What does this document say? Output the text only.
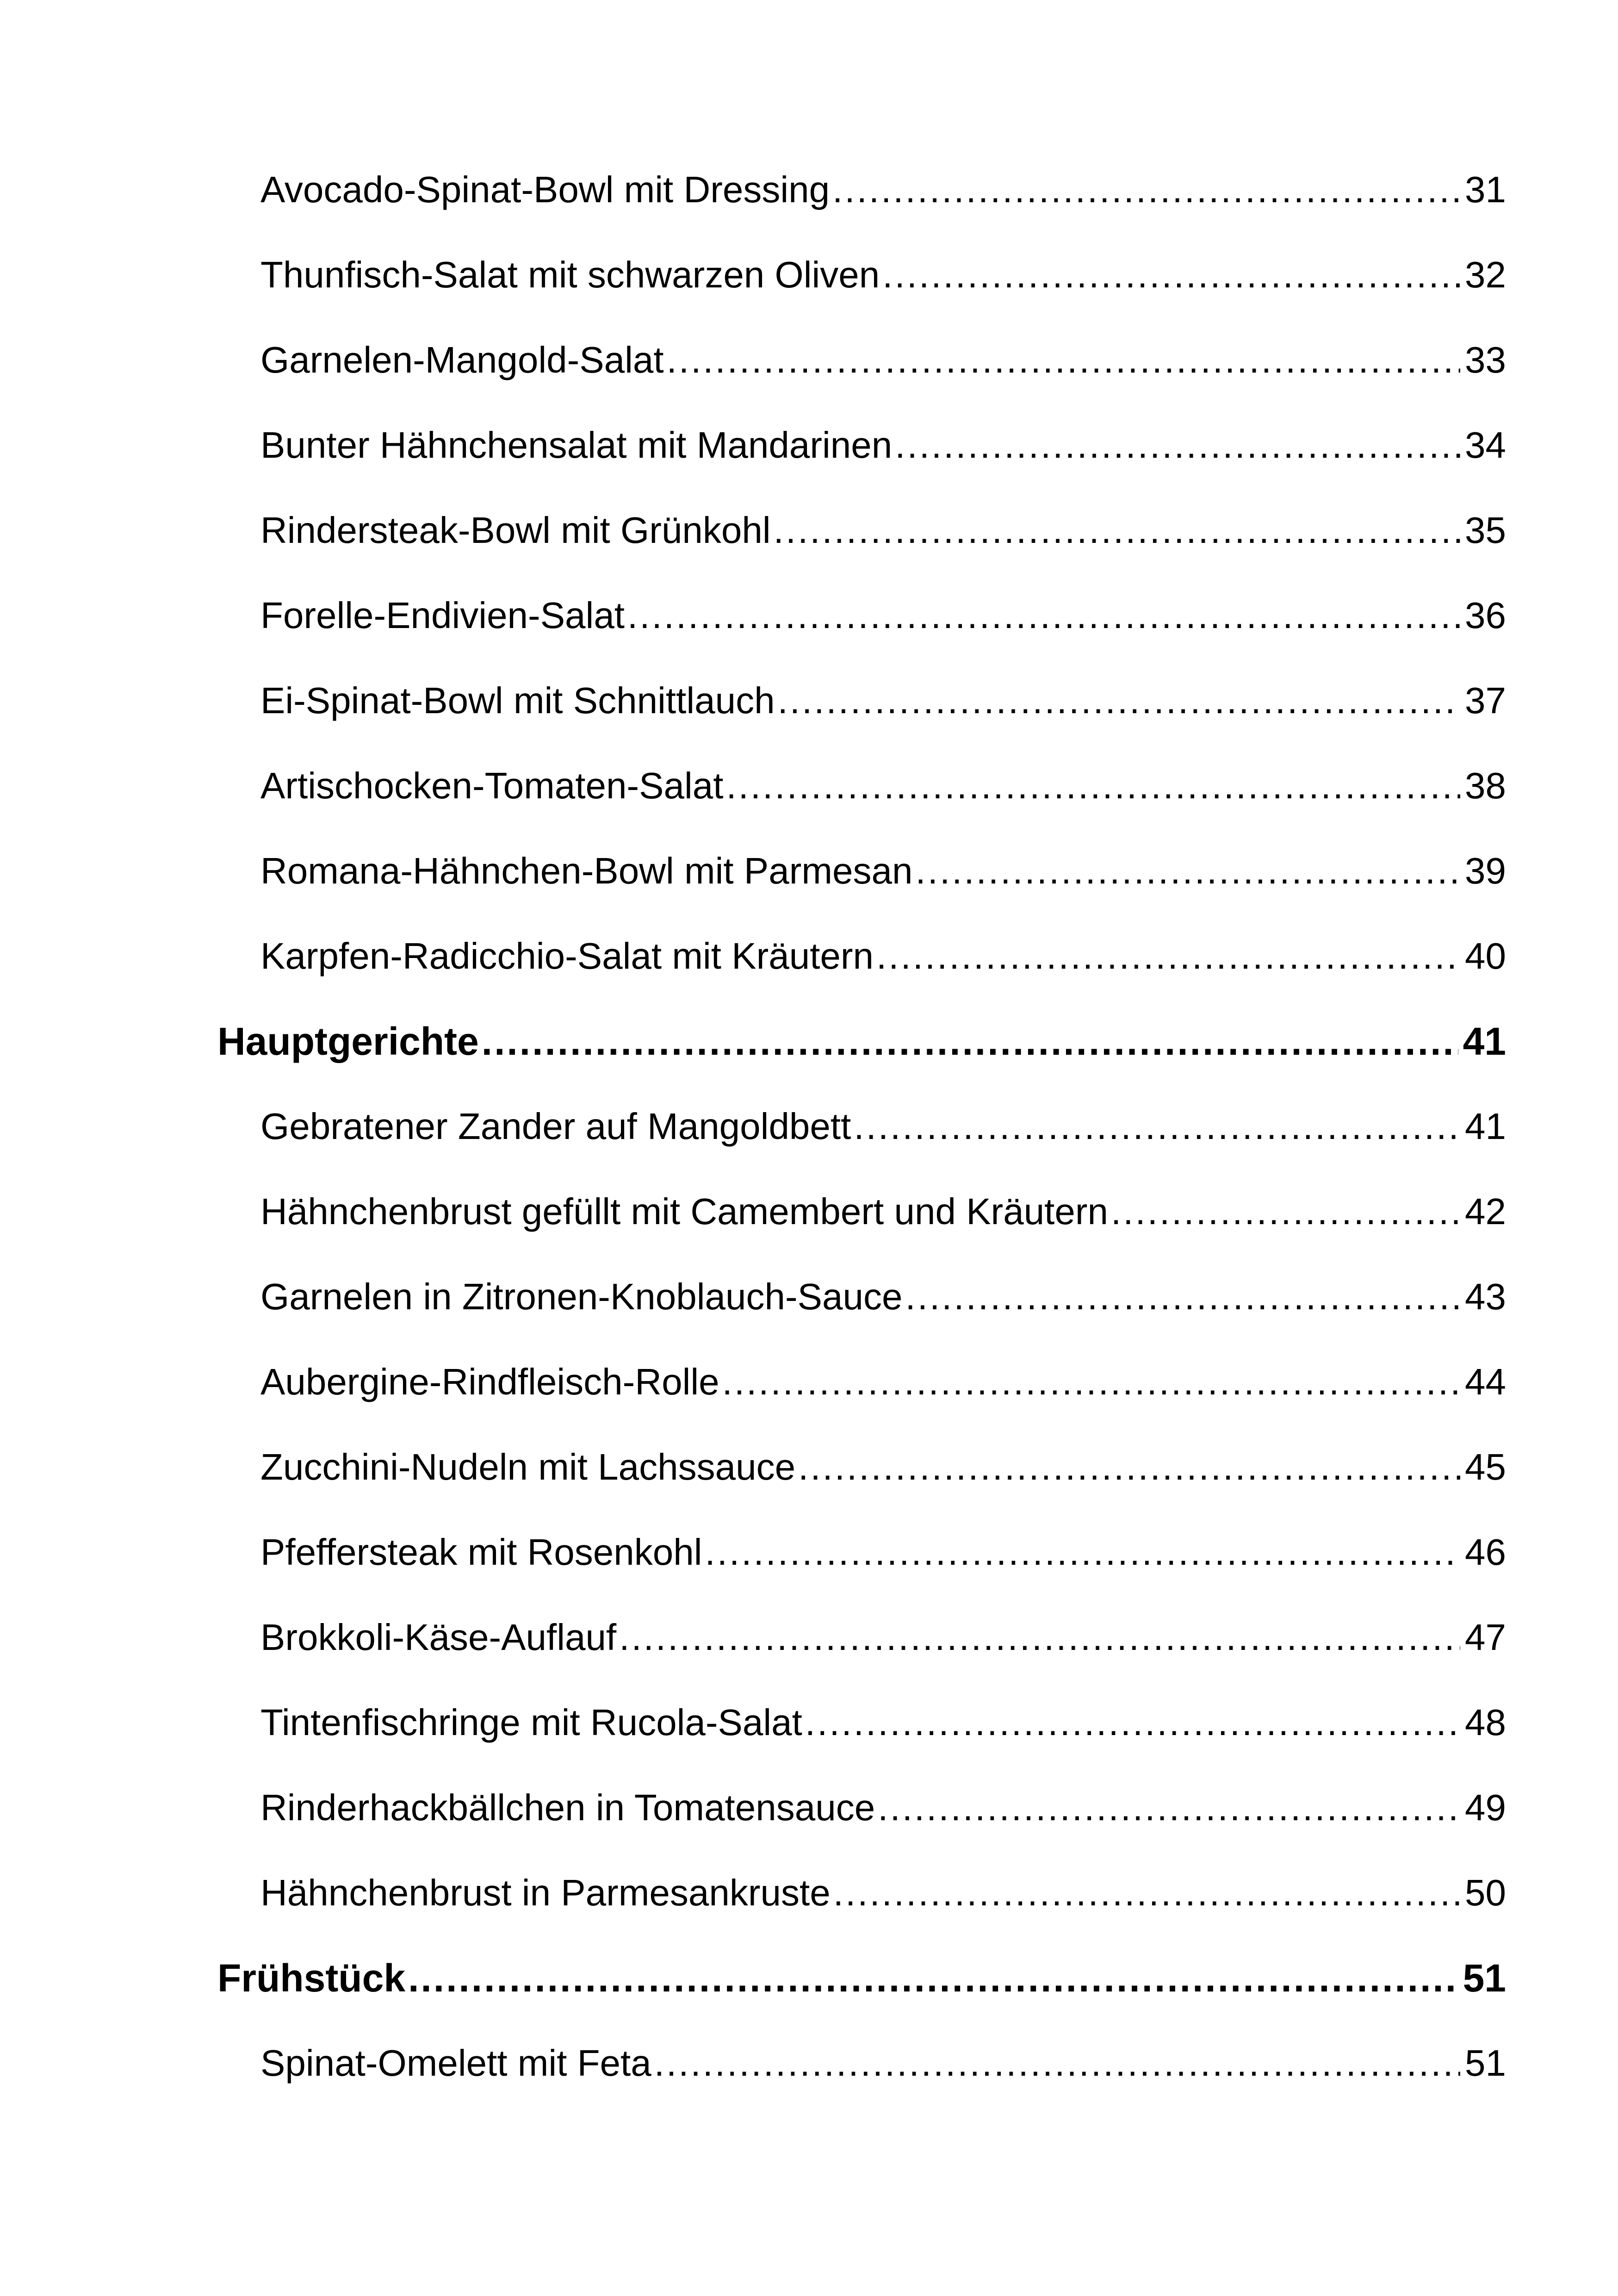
Avocado-Spinat-Bowl mit Dressing .....	31
Thunfisch-Salat mit schwarzen Oliven .....	32
Garnelen-Mangold-Salat .....	33
Bunter Hähnchensalat mit Mandarinen .....	34
Rindersteak-Bowl mit Grünkohl .....	35
Forelle-Endivien-Salat .....	36
Ei-Spinat-Bowl mit Schnittlauch .....	37
Artischocken-Tomaten-Salat .....	38
Romana-Hähnchen-Bowl mit Parmesan .....	39
Karpfen-Radicchio-Salat mit Kräutern .....	40
Hauptgerichte .....	41
Gebratener Zander auf Mangoldbett .....	41
Hähnchenbrust gefüllt mit Camembert und Kräutern .....	42
Garnelen in Zitronen-Knoblauch-Sauce .....	43
Aubergine-Rindfleisch-Rolle .....	44
Zucchini-Nudeln mit Lachssauce .....	45
Pfeffersteak mit Rosenkohl .....	46
Brokkoli-Käse-Auflauf .....	47
Tintenfischringe mit Rucola-Salat .....	48
Rinderhackbällchen in Tomatensauce .....	49
Hähnchenbrust in Parmesankruste .....	50
Frühstück .....	51
Spinat-Omelett mit Feta .....	51
